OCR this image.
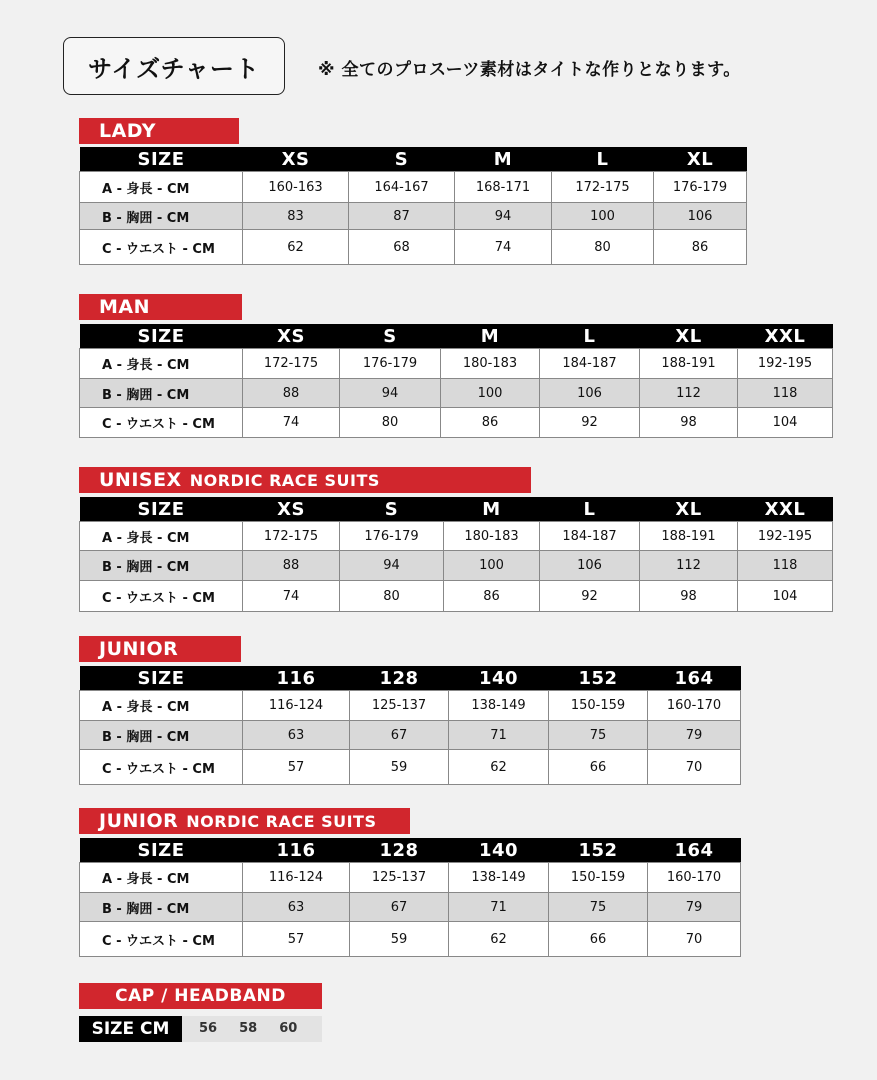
サイズチャート	※ 全てのプロスーツ素材はタイトな作りとなります。
LADY
SIZE	XS	S	M	L	XL
A - 身長 - CM	160-163	164-167	168-171	172-175	176-179
B - 胸囲 - CM	83	87	94	100	106
C - ウエスト - CM	62	68	74	80	86
MAN
SIZE	XS	S	M	L	XL	XXL
A - 身長 - CM	172-175	176-179	180-183	184-187	188-191	192-195
B - 胸囲 - CM	88	94	100	106	112	118
C - ウエスト - CM	74	80	86	92	98	104
UNISEX NORDIC RACE SUITS
SIZE	XS	S	M	L	XL	XXL
A - 身長 - CM	172-175	176-179	180-183	184-187	188-191	192-195
B - 胸囲 - CM	88	94	100	106	112	118
C - ウエスト - CM	74	80	86	92	98	104
JUNIOR
SIZE	116	128	140	152	164
A - 身長 - CM	116-124	125-137	138-149	150-159	160-170
B - 胸囲 - CM	63	67	71	75	79
C - ウエスト - CM	57	59	62	66	70
JUNIOR NORDIC RACE SUITS
SIZE	116	128	140	152	164
A - 身長 - CM	116-124	125-137	138-149	150-159	160-170
B - 胸囲 - CM	63	67	71	75	79
C - ウエスト - CM	57	59	62	66	70
CAP / HEADBAND
SIZE CM	56 58 60
